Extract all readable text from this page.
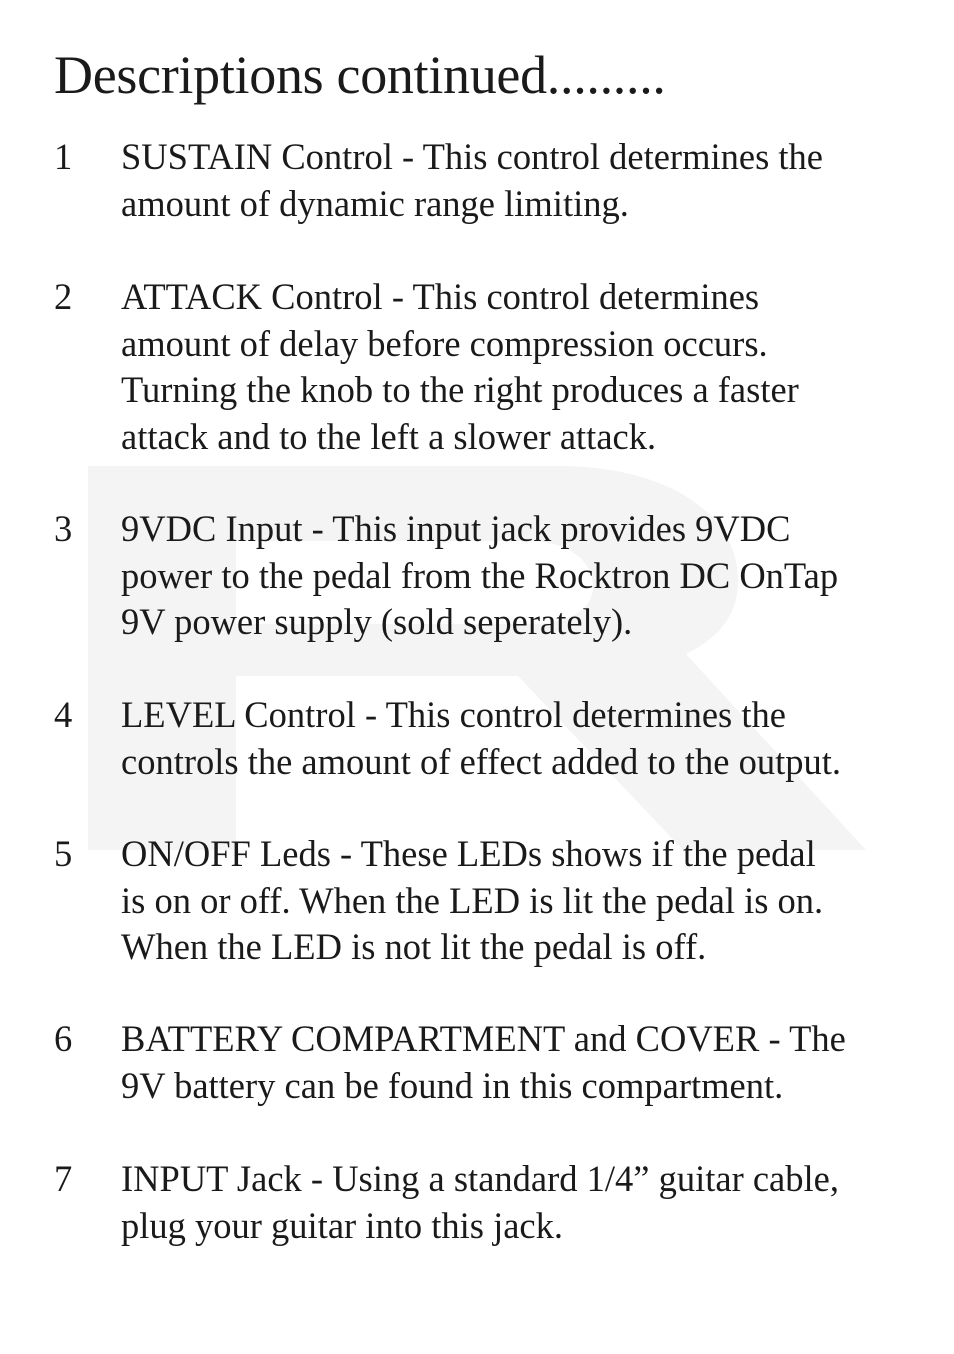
Descriptions continued.........
1	SUSTAIN Control - This control determines the
amount of dynamic range limiting.
2	ATTACK Control - This control determines
amount of delay before compression occurs.
Turning the knob to the right produces a faster
attack and to the left a slower attack.
3	9VDC Input - This input jack provides 9VDC
power to the pedal from the Rocktron DC OnTap
9V power supply (sold seperately).
4	LEVEL Control - This control determines the
controls the amount of effect added to the output.
5	ON/OFF Leds - These LEDs shows if the pedal
is on or off. When the LED is lit the pedal is on.
When the LED is not lit the pedal is off.
6	BATTERY COMPARTMENT and COVER - The
9V battery can be found in this compartment.
7	INPUT Jack - Using a standard 1/4” guitar cable,
plug your guitar into this jack.
